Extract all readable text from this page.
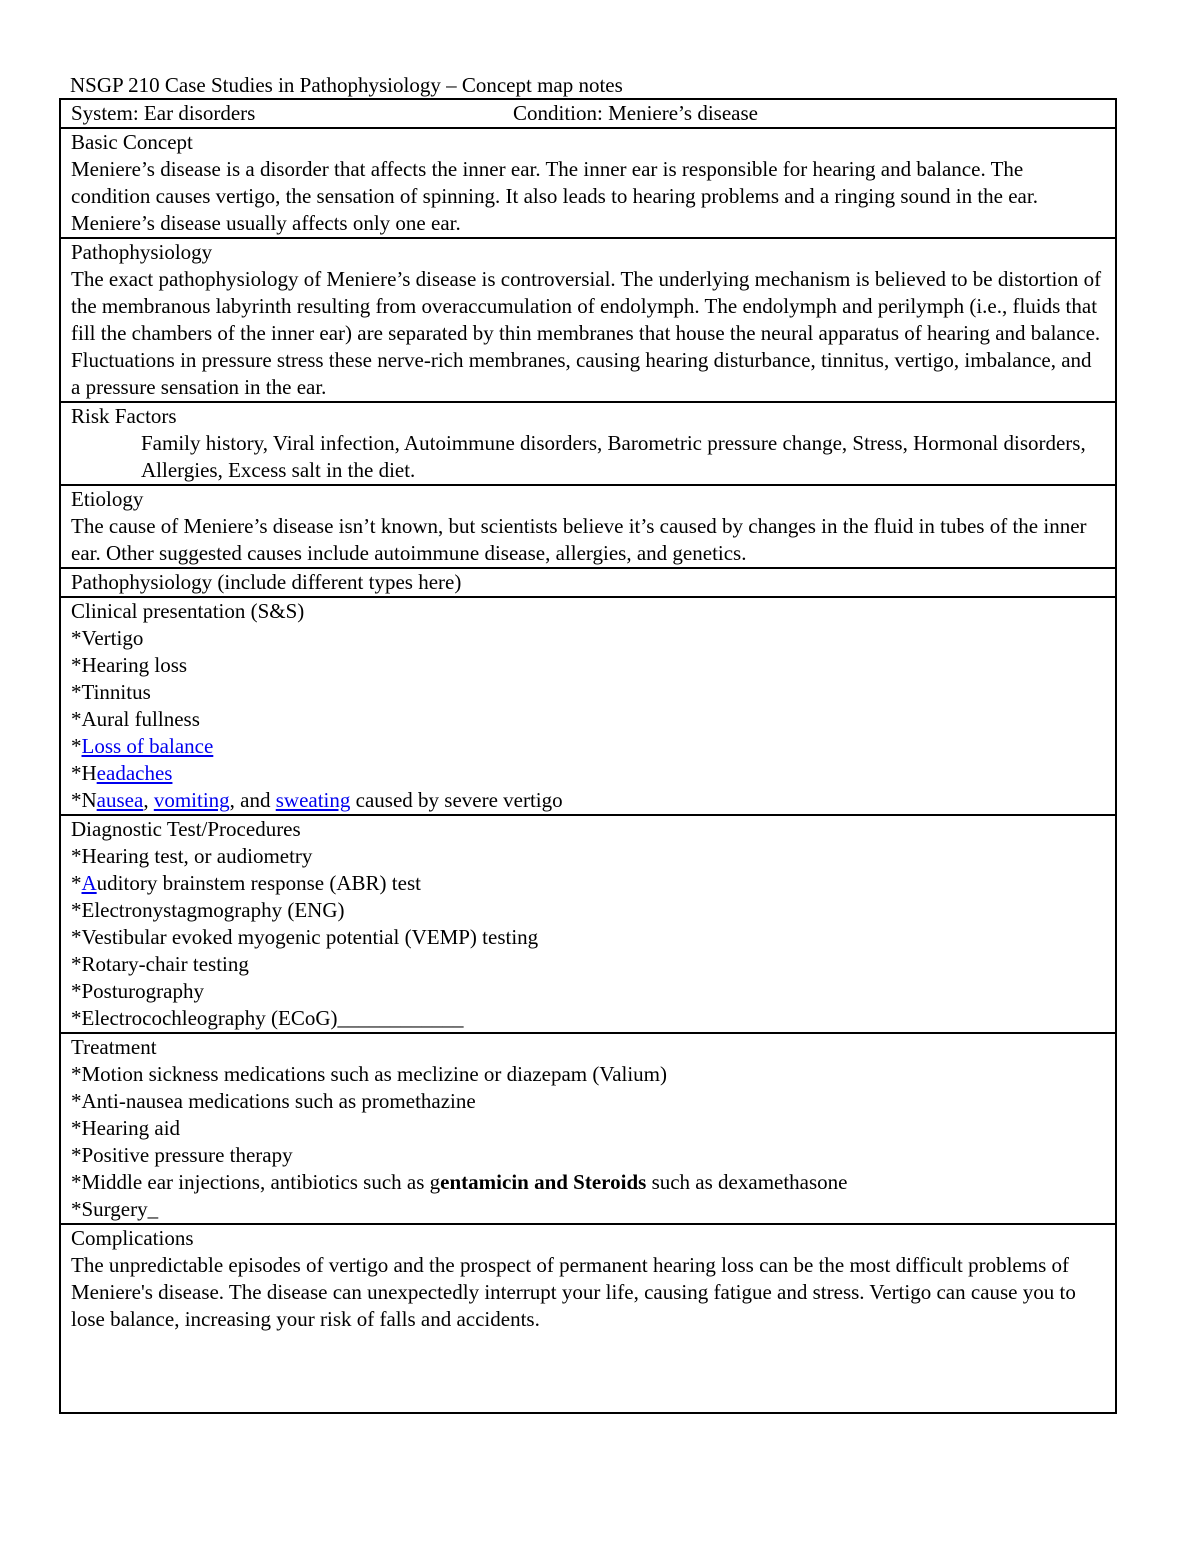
NSGP 210 Case Studies in Pathophysiology – Concept map notes
System: Ear disorders	Condition: Meniere’s disease

Basic Concept
Meniere’s disease is a disorder that affects the inner ear. The inner ear is responsible for hearing and balance. The condition causes vertigo, the sensation of spinning. It also leads to hearing problems and a ringing sound in the ear. Meniere’s disease usually affects only one ear.

Pathophysiology
The exact pathophysiology of Meniere’s disease is controversial. The underlying mechanism is believed to be distortion of the membranous labyrinth resulting from overaccumulation of endolymph. The endolymph and perilymph (i.e., fluids that fill the chambers of the inner ear) are separated by thin membranes that house the neural apparatus of hearing and balance. Fluctuations in pressure stress these nerve-rich membranes, causing hearing disturbance, tinnitus, vertigo, imbalance, and a pressure sensation in the ear.

Risk Factors
Family history, Viral infection, Autoimmune disorders, Barometric pressure change, Stress, Hormonal disorders, Allergies, Excess salt in the diet.

Etiology
The cause of Meniere’s disease isn’t known, but scientists believe it’s caused by changes in the fluid in tubes of the inner ear. Other suggested causes include autoimmune disease, allergies, and genetics.

Pathophysiology (include different types here)

Clinical presentation (S&S)
*Vertigo
*Hearing loss
*Tinnitus
*Aural fullness
*Loss of balance
*Headaches
*Nausea, vomiting, and sweating caused by severe vertigo

Diagnostic Test/Procedures
*Hearing test, or audiometry
*Auditory brainstem response (ABR) test
*Electronystagmography (ENG)
*Vestibular evoked myogenic potential (VEMP) testing
*Rotary-chair testing
*Posturography
*Electrocochleography (ECoG)____________

Treatment
*Motion sickness medications such as meclizine or diazepam (Valium)
*Anti-nausea medications such as promethazine
*Hearing aid
*Positive pressure therapy
*Middle ear injections, antibiotics such as gentamicin and Steroids such as dexamethasone
*Surgery_

Complications
The unpredictable episodes of vertigo and the prospect of permanent hearing loss can be the most difficult problems of Meniere's disease. The disease can unexpectedly interrupt your life, causing fatigue and stress. Vertigo can cause you to lose balance, increasing your risk of falls and accidents.
